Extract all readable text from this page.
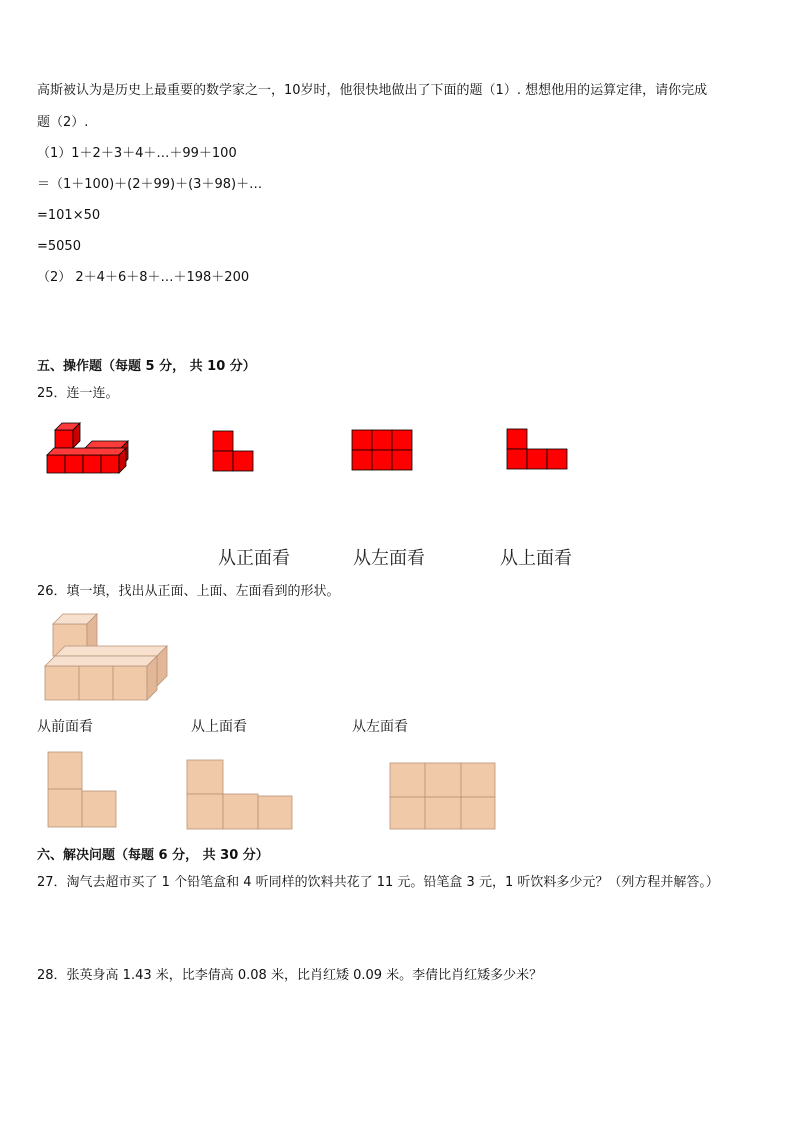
高斯被认为是历史上最重要的数学家之一，10岁时，他很快地做出了下面的题（1）. 想想他用的运算定律，请你完成
题（2）.
（1）1＋2＋3＋4＋…＋99＋100
＝（1＋100)＋(2＋99)＋(3＋98)＋…
=101×50
=5050
（2） 2＋4＋6＋8＋…＋198＋200
五、操作题（每题 5 分， 共 10 分）
25．连一连。
从正面看	从左面看	从上面看
26．填一填，找出从正面、上面、左面看到的形状。
从前面看	从上面看	从左面看
六、解决问题（每题 6 分， 共 30 分）
27．淘气去超市买了 1 个铅笔盒和 4 听同样的饮料共花了 11 元。铅笔盒 3 元，1 听饮料多少元？（列方程并解答。）
28．张英身高 1.43 米，比李倩高 0.08 米，比肖红矮 0.09 米。李倩比肖红矮多少米？
